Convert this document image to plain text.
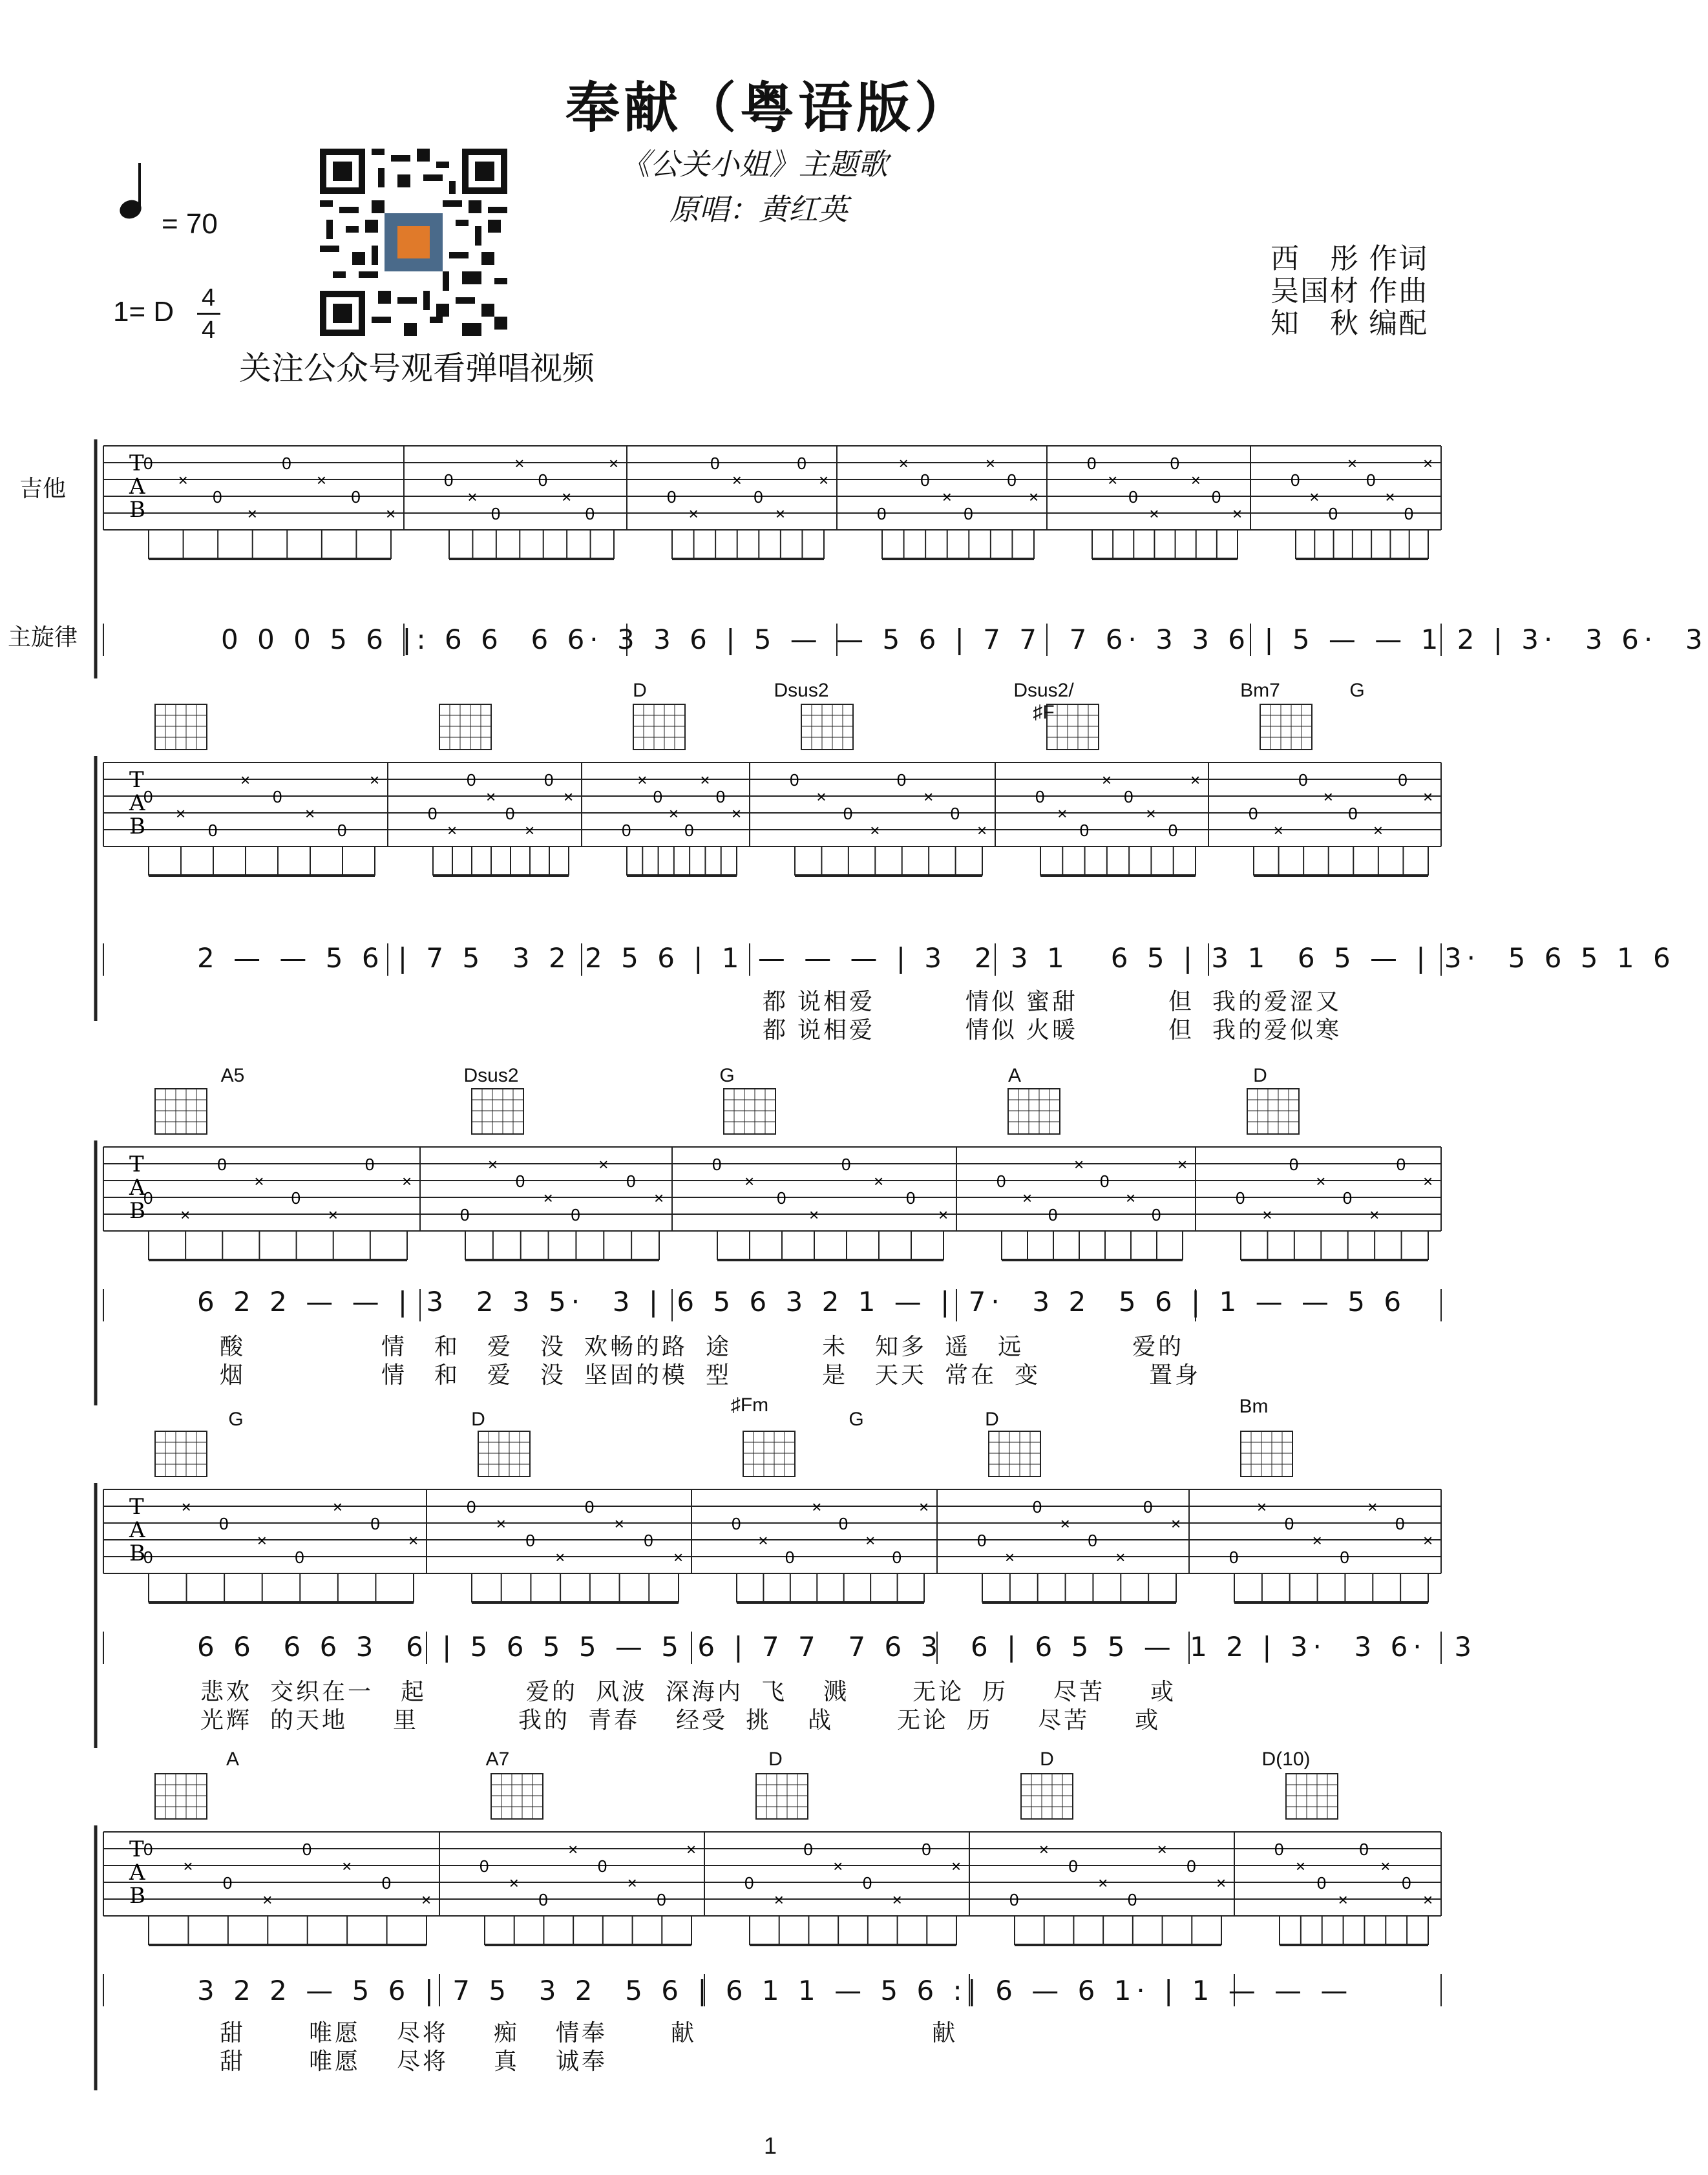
奉献（粤语版）
《公关小姐》主题歌
原唱：黄红英
= 70
1= D 4
4
关注公众号观看弹唱视频
西　彤 作词
吴国材 作曲
知　秋 编配
吉他
主旋律
T
A
B
0
×
0
×
0
×
0
×
0
×
0
×
0
×
0
×
0
×
0
×
0
×
0
×
0
×
0
×
0
×
0
×
0
×
0
×
0
×
0
×
0
×
0
×
0
×
0
×
T
A
B
0
×
0
×
0
×
0
×
0
×
0
×
0
×
0
×
0
×
0
×
0
×
0
×
0
×
0
×
0
×
0
×
0
×
0
×
0
×
0
×
0
×
0
×
0
×
0
×
T
A
B
0
×
0
×
0
×
0
×
0
×
0
×
0
×
0
×
0
×
0
×
0
×
0
×
0
×
0
×
0
×
0
×
0
×
0
×
0
×
0
×
T
A
B
0
×
0
×
0
×
0
×
0
×
0
×
0
×
0
×
0
×
0
×
0
×
0
×
0
×
0
×
0
×
0
×
0
×
0
×
0
×
0
×
T
A
B
0
×
0
×
0
×
0
×
0
×
0
×
0
×
0
×
0
×
0
×
0
×
0
×
0
×
0
×
0
×
0
×
0
×
0
×
0
×
0
×
D	Dsus2	Dsus2/♯F
Bm7	G
A5	Dsus2	G	A	D
G	D
♯Fm
G	D
Bm
A	A7	D	D	D(10)
0 0 0 5 6 |: 6 6  6 6· 3 3 6 | 5 — — 5 6 | 7 7  7 6· 3 3 6 | 5 — — 1 2 | 3·  3 6·  3
2 — — 5 6 | 7 5  3 2 2 5 6 | 1 — — — | 3  2 3 1   6 5 | 3 1  6 5 — | 3·  5 6 5 1 6
6 2 2 — — | 3  2 3 5·  3 | 6 5 6 3 2 1 — | 7·  3 2  5 6 | 1 — — 5 6
6 6  6 6 3  6 | 5 6 5 5 — 5 6 | 7 7  7 6 3  6 | 6 5 5 — 1 2 | 3·  3 6·  3
3 2 2 — 5 6 | 7 5  3 2  5 6 | 6 1 1 — 5 6 :| 6 — 6 1· | 1 — — —
都 说相爱          情似 蜜甜          但  我的爱涩又
都 说相爱          情似 火暖          但  我的爱似寒
酸               情   和   爱   没  欢畅的路  途          未   知多  遥   远            爱的
烟               情   和   爱   没  坚固的模  型          是   天天  常在  变            置身
悲欢  交织在一   起           爱的  风波  深海内  飞    溅       无论  历     尽苦     或
光辉  的天地     里           我的  青春    经受  挑    战       无论  历     尽苦     或
甜       唯愿    尽将     痴    情奉       献                          献
甜       唯愿    尽将     真    诚奉
1
